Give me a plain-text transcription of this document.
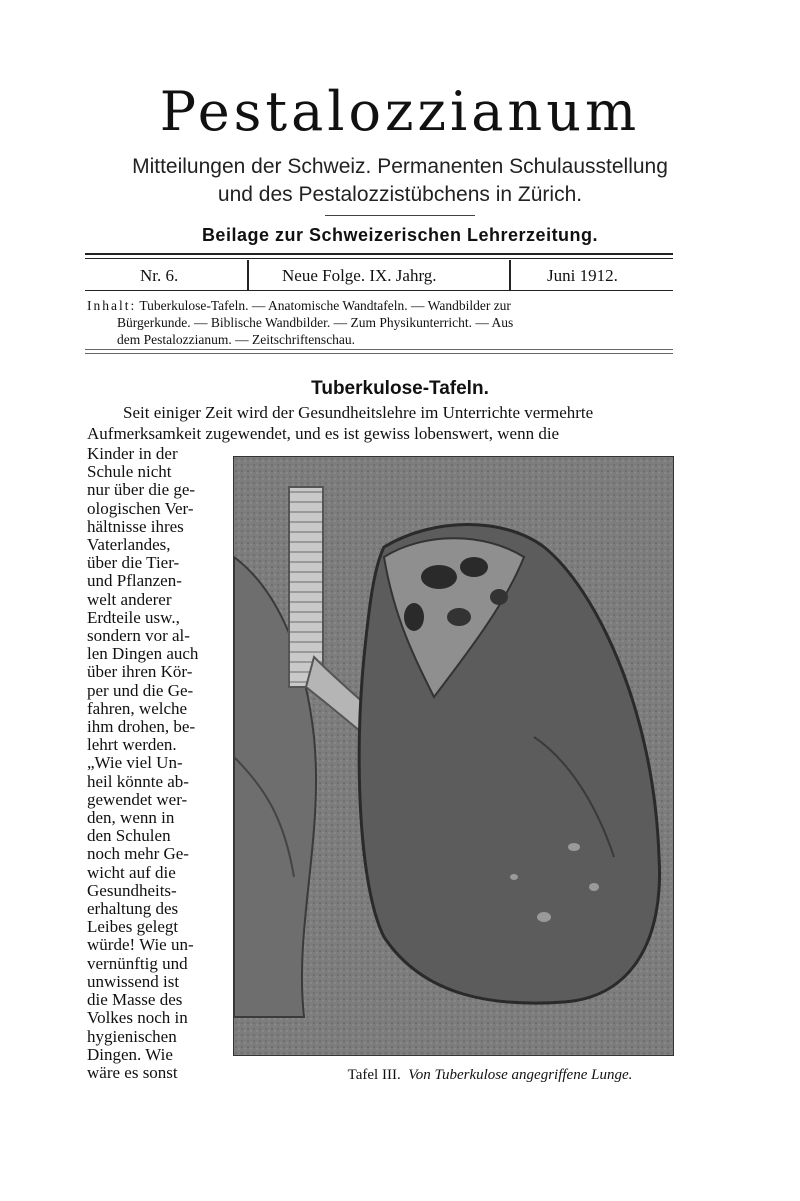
Pestalozzianum
Mitteilungen der Schweiz. Permanenten Schulausstellung
und des Pestalozzistübchens in Zürich.
Beilage zur Schweizerischen Lehrerzeitung.
Nr. 6.	Neue Folge. IX. Jahrg.	Juni 1912.

Inhalt: Tuberkulose-Tafeln. — Anatomische Wandtafeln. — Wandbilder zur

Bürgerkunde. — Biblische Wandbilder. — Zum Physikunterricht. — Aus

dem Pestalozzianum. — Zeitschriftenschau.

Tuberkulose-Tafeln.
Seit einiger Zeit wird der Gesundheitslehre im Unterrichte vermehrte
Aufmerksamkeit zugewendet, und es ist gewiss lobenswert, wenn die
Kinder in der
Schule nicht
nur über die ge-
ologischen Ver-
hältnisse ihres
Vaterlandes,
über die Tier-
und Pflanzen-
welt anderer
Erdteile usw.,
sondern vor al-
len Dingen auch
über ihren Kör-
per und die Ge-
fahren, welche
ihm drohen, be-
lehrt werden.
„Wie viel Un-
heil könnte ab-
gewendet wer-
den, wenn in
den Schulen
noch mehr Ge-
wicht auf die
Gesundheits-
erhaltung des
Leibes gelegt
würde! Wie un-
vernünftig und
unwissend ist
die Masse des
Volkes noch in
hygienischen
Dingen. Wie
wäre es sonst	Tafel III. Von Tuberkulose angegriffene Lunge.
